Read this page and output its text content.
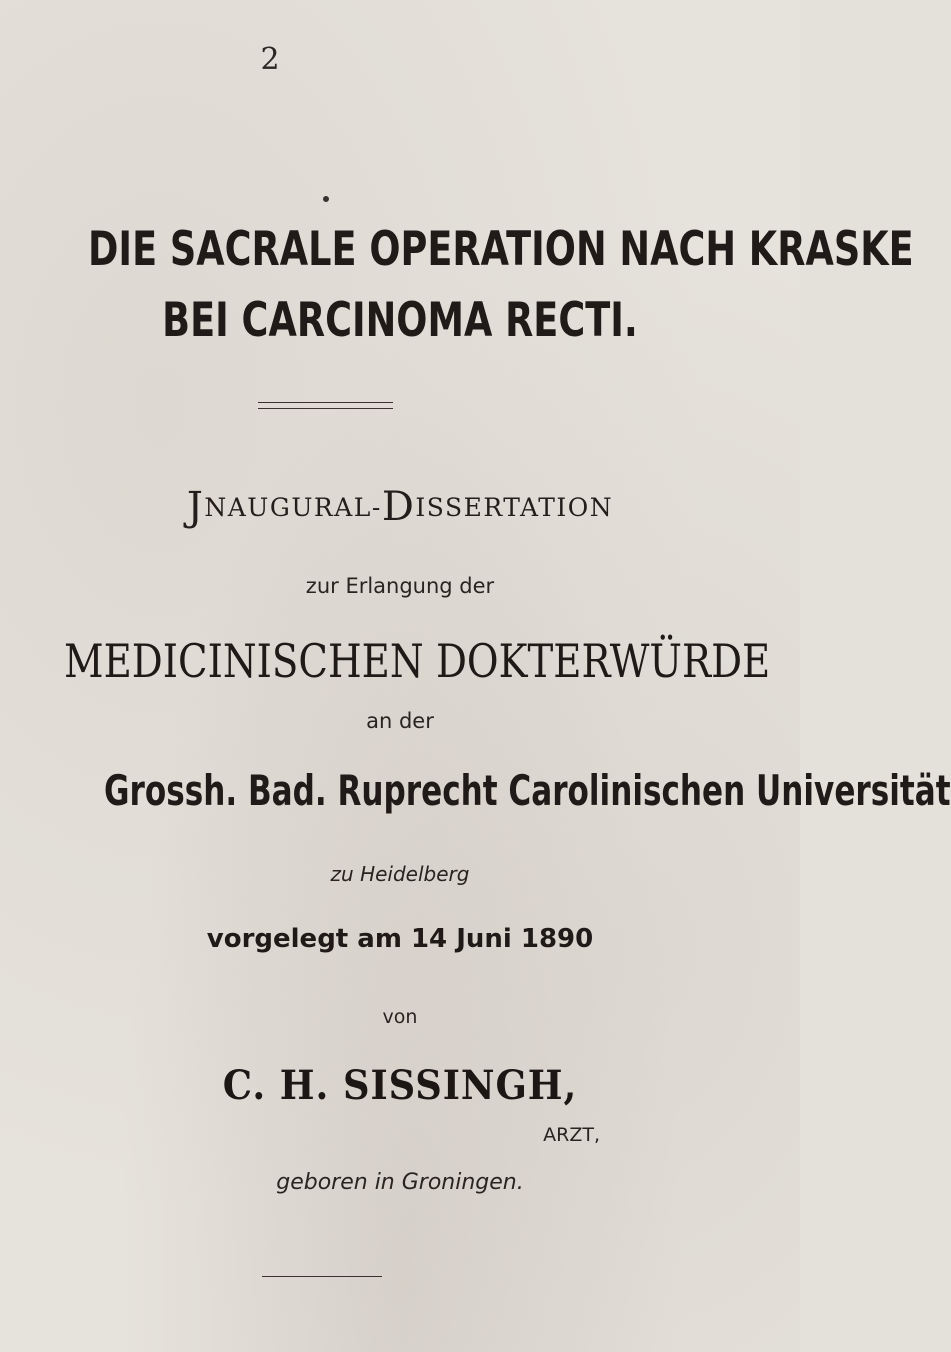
2
DIE SACRALE OPERATION NACH KRASKE
BEI CARCINOMA RECTI.
JNAUGURAL-DISSERTATION
zur Erlangung der
MEDICINISCHEN DOKTERWÜRDE
an der
Grossh. Bad. Ruprecht Carolinischen Universität
zu Heidelberg
vorgelegt am 14 Juni 1890
von
C. H. SISSINGH,
ARZT,
geboren in Groningen.
